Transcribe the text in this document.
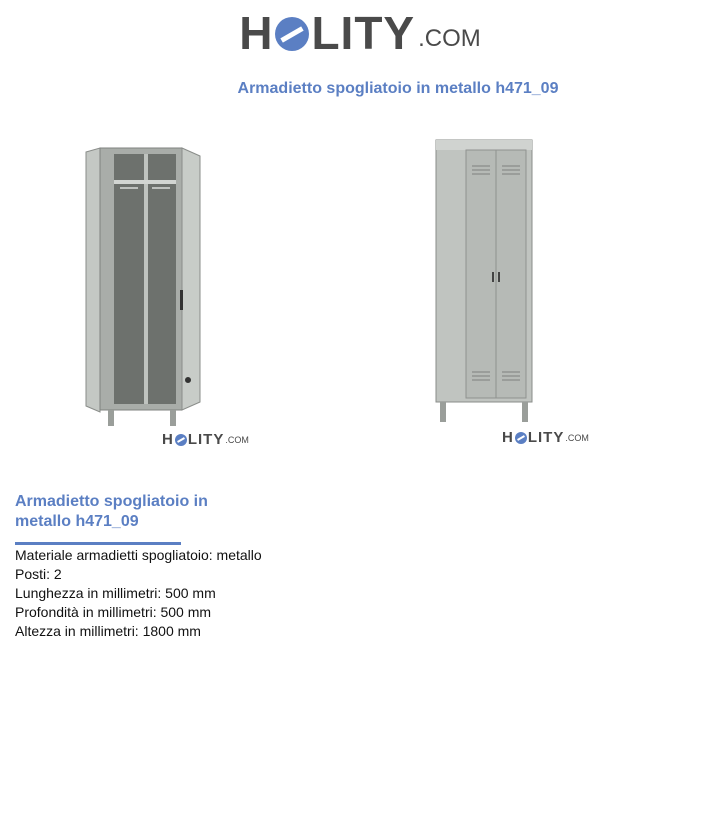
H LITY .COM
Armadietto spogliatoio in metallo h471_09
H LITY .COM	H LITY .COM
Armadietto spogliatoio in metallo h471_09
Materiale armadietti spogliatoio: metallo
Posti: 2
Lunghezza in millimetri: 500 mm
Profondità in millimetri: 500 mm
Altezza in millimetri: 1800 mm
